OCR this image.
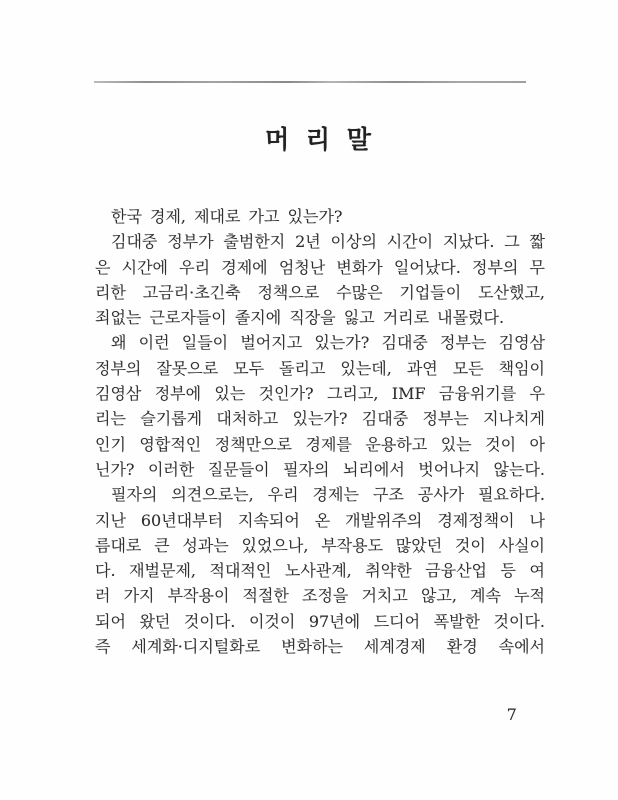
머 리 말
한국 경제, 제대로 가고 있는가?
김대중 정부가 출범한지 2년 이상의 시간이 지났다. 그 짧
은 시간에 우리 경제에 엄청난 변화가 일어났다. 정부의 무
리한 고금리·초긴축 정책으로 수많은 기업들이 도산했고,
죄없는 근로자들이 졸지에 직장을 잃고 거리로 내몰렸다.
왜 이런 일들이 벌어지고 있는가? 김대중 정부는 김영삼
정부의 잘못으로 모두 돌리고 있는데, 과연 모든 책임이
김영삼 정부에 있는 것인가? 그리고, IMF 금융위기를 우
리는 슬기롭게 대처하고 있는가? 김대중 정부는 지나치게
인기 영합적인 정책만으로 경제를 운용하고 있는 것이 아
닌가? 이러한 질문들이 필자의 뇌리에서 벗어나지 않는다.
필자의 의견으로는, 우리 경제는 구조 공사가 필요하다.
지난 60년대부터 지속되어 온 개발위주의 경제정책이 나
름대로 큰 성과는 있었으나, 부작용도 많았던 것이 사실이
다. 재벌문제, 적대적인 노사관계, 취약한 금융산업 등 여
러 가지 부작용이 적절한 조정을 거치고 않고, 계속 누적
되어 왔던 것이다. 이것이 97년에 드디어 폭발한 것이다.
즉 세계화·디지털화로 변화하는 세계경제 환경 속에서
7
